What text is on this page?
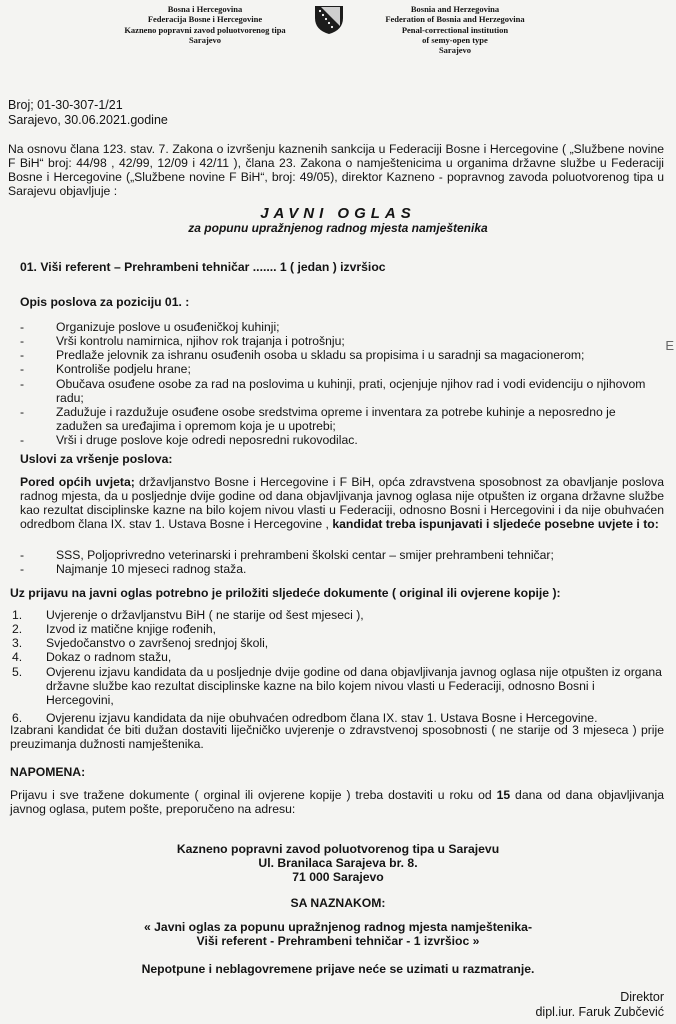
Bosna i Hercegovina
Federacija Bosne i Hercegovine
Kazneno popravni zavod poluotvorenog tipa
Sarajevo
Bosnia and Herzegovina
Federation of Bosnia and Herzegovina
Penal-correctional institution
of semy-open type
Sarajevo
Broj; 01-30-307-1/21
Sarajevo, 30.06.2021.godine
Na osnovu člana 123. stav. 7. Zakona o izvršenju kaznenih sankcija u Federaciji Bosne i Hercegovine ( „Službene novine F BiH“ broj: 44/98 , 42/99, 12/09 i 42/11 ), člana 23. Zakona o namještenicima u organima državne službe u Federaciji Bosne i Hercegovine („Službene novine F BiH“, broj: 49/05), direktor Kazneno - popravnog zavoda poluotvorenog tipa u Sarajevu objavljuje :
JAVNI OGLAS
za popunu upražnjenog radnog mjesta namještenika
01. Viši referent – Prehrambeni tehničar ....... 1 ( jedan ) izvršioc
Opis poslova za poziciju 01. :
- Organizuje poslove u osuđeničkoj kuhinji;
- Vrši kontrolu namirnica, njihov rok trajanja i potrošnju;
- Predlaže jelovnik za ishranu osuđenih osoba u skladu sa propisima i u saradnji sa magacionerom;
- Kontroliše podjelu hrane;
- Obučava osuđene osobe za rad na poslovima u kuhinji, prati, ocjenjuje njihov rad i vodi evidenciju o njihovom radu;
- Zadužuje i razdužuje osuđene osobe sredstvima opreme i inventara za potrebe kuhinje a neposredno je zadužen sa uređajima i opremom koja je u upotrebi;
- Vrši i druge poslove koje odredi neposredni rukovodilac.
Uslovi za vršenje poslova:
Pored općih uvjeta; državljanstvo Bosne i Hercegovine i F BiH, opća zdravstvena sposobnost za obavljanje poslova radnog mjesta, da u posljednje dvije godine od dana objavljivanja javnog oglasa nije otpušten iz organa državne službe kao rezultat disciplinske kazne na bilo kojem nivou vlasti u Federaciji, odnosno Bosni i Hercegovini i da nije obuhvaćen odredbom člana IX. stav 1. Ustava Bosne i Hercegovine , kandidat treba ispunjavati i sljedeće posebne uvjete i to:
- SSS, Poljoprivredno veterinarski i prehrambeni školski centar – smijer prehrambeni tehničar;
- Najmanje 10 mjeseci radnog staža.
Uz prijavu na javni oglas potrebno je priložiti sljedeće dokumente ( original ili ovjerene kopije ):
1. Uvjerenje o državljanstvu BiH ( ne starije od šest mjeseci ),
2. Izvod iz matične knjige rođenih,
3. Svjedočanstvo o završenoj srednjoj školi,
4. Dokaz o radnom stažu,
5. Ovjerenu izjavu kandidata da u posljednje dvije godine od dana objavljivanja javnog oglasa nije otpušten iz organa državne službe kao rezultat disciplinske kazne na bilo kojem nivou vlasti u Federaciji, odnosno Bosni i Hercegovini,
6. Ovjerenu izjavu kandidata da nije obuhvaćen odredbom člana IX. stav 1. Ustava Bosne i Hercegovine.
Izabrani kandidat će biti dužan dostaviti liječničko uvjerenje o zdravstvenoj sposobnosti ( ne starije od 3 mjeseca ) prije preuzimanja dužnosti namještenika.
NAPOMENA:
Prijavu i sve tražene dokumente ( orginal ili ovjerene kopije ) treba dostaviti u roku od 15 dana od dana objavljivanja javnog oglasa, putem pošte, preporučeno na adresu:
Kazneno popravni zavod poluotvorenog tipa u Sarajevu
Ul. Branilaca Sarajeva br. 8.
71 000 Sarajevo
SA NAZNAKOM:
« Javni oglas za popunu upražnjenog radnog mjesta namještenika-
Viši referent - Prehrambeni tehničar - 1 izvršioc »
Nepotpune i neblagovremene prijave neće se uzimati u razmatranje.
Direktor
dipl.iur. Faruk Zubčević
E
